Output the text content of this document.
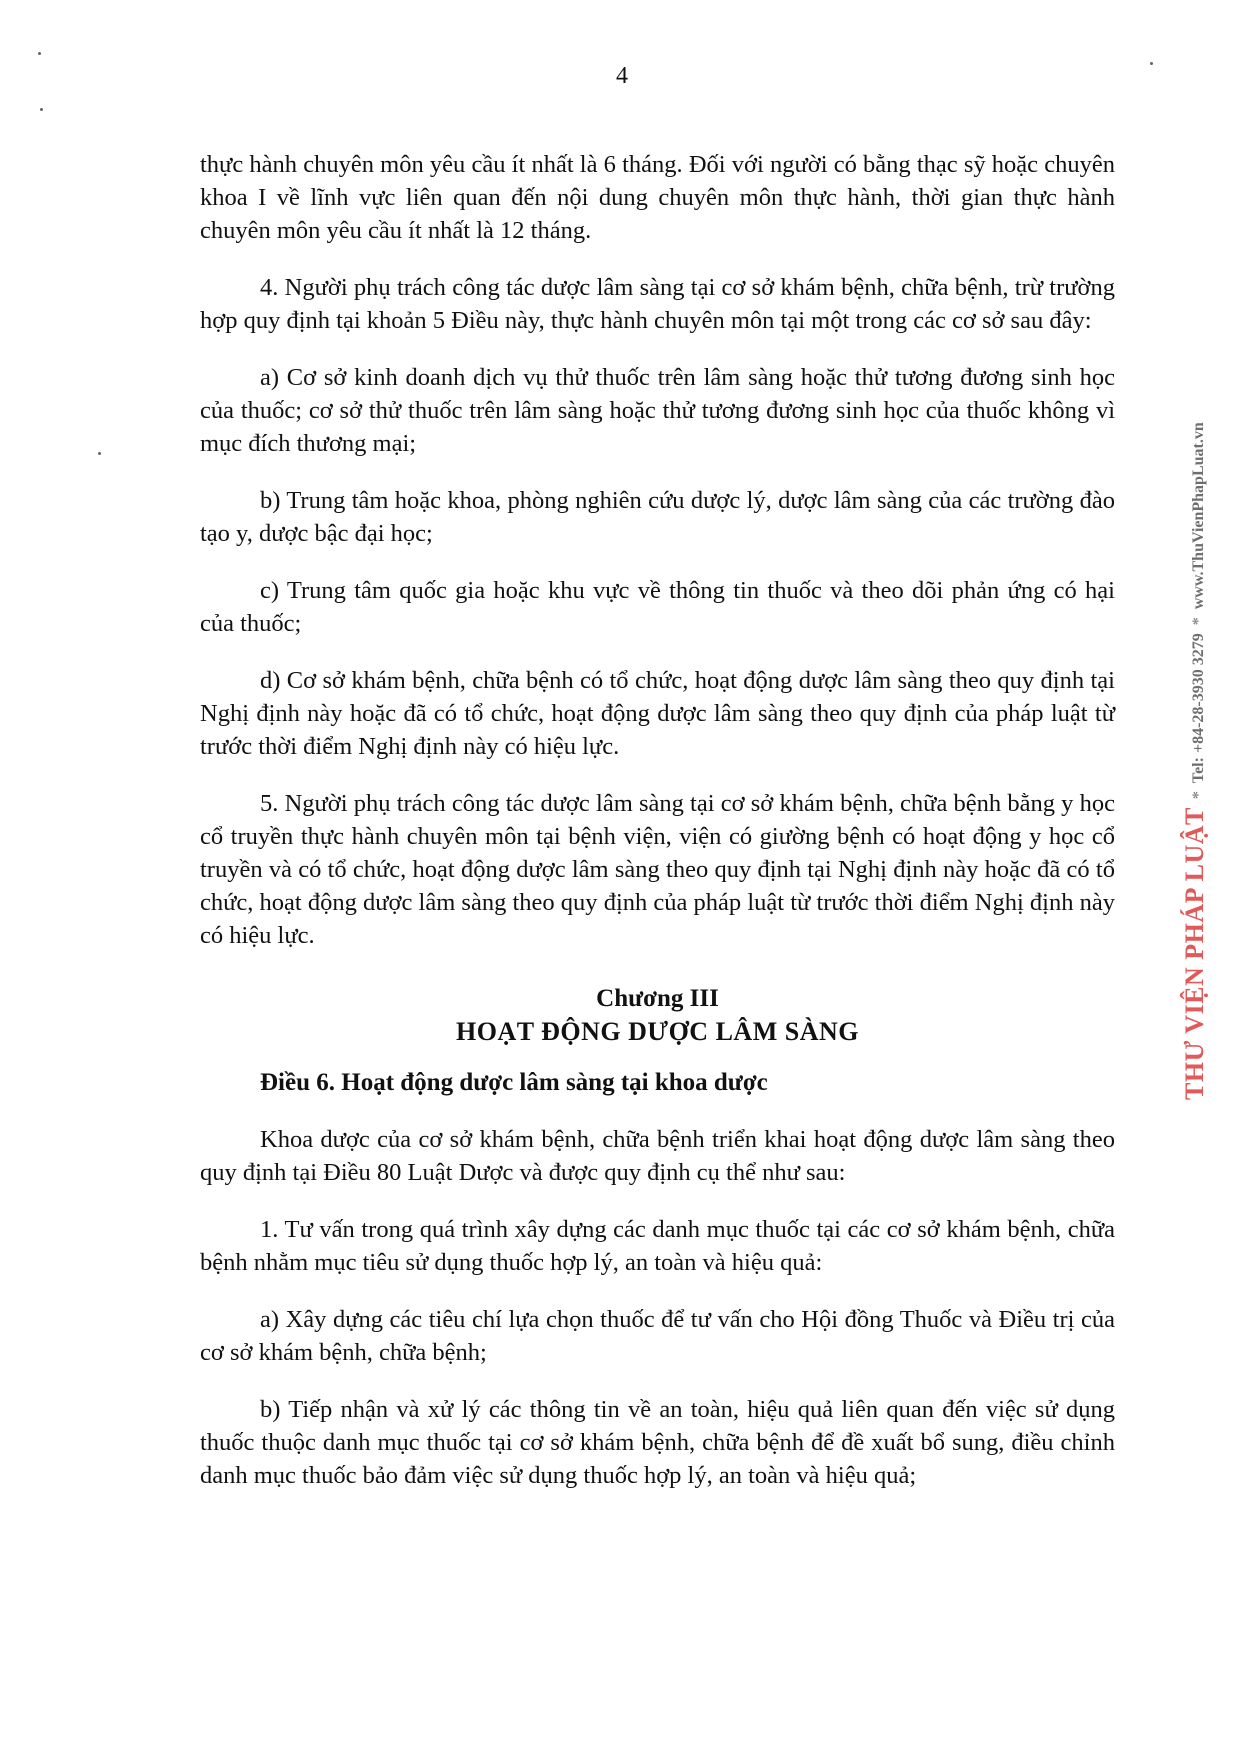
4

thực hành chuyên môn yêu cầu ít nhất là 6 tháng. Đối với người có bằng thạc sỹ hoặc chuyên khoa I về lĩnh vực liên quan đến nội dung chuyên môn thực hành, thời gian thực hành chuyên môn yêu cầu ít nhất là 12 tháng.

4. Người phụ trách công tác dược lâm sàng tại cơ sở khám bệnh, chữa bệnh, trừ trường hợp quy định tại khoản 5 Điều này, thực hành chuyên môn tại một trong các cơ sở sau đây:

a) Cơ sở kinh doanh dịch vụ thử thuốc trên lâm sàng hoặc thử tương đương sinh học của thuốc; cơ sở thử thuốc trên lâm sàng hoặc thử tương đương sinh học của thuốc không vì mục đích thương mại;

b) Trung tâm hoặc khoa, phòng nghiên cứu dược lý, dược lâm sàng của các trường đào tạo y, dược bậc đại học;

c) Trung tâm quốc gia hoặc khu vực về thông tin thuốc và theo dõi phản ứng có hại của thuốc;

d) Cơ sở khám bệnh, chữa bệnh có tổ chức, hoạt động dược lâm sàng theo quy định tại Nghị định này hoặc đã có tổ chức, hoạt động dược lâm sàng theo quy định của pháp luật từ trước thời điểm Nghị định này có hiệu lực.

5. Người phụ trách công tác dược lâm sàng tại cơ sở khám bệnh, chữa bệnh bằng y học cổ truyền thực hành chuyên môn tại bệnh viện, viện có giường bệnh có hoạt động y học cổ truyền và có tổ chức, hoạt động dược lâm sàng theo quy định tại Nghị định này hoặc đã có tổ chức, hoạt động dược lâm sàng theo quy định của pháp luật từ trước thời điểm Nghị định này có hiệu lực.

Chương III
HOẠT ĐỘNG DƯỢC LÂM SÀNG
Điều 6. Hoạt động dược lâm sàng tại khoa dược

Khoa dược của cơ sở khám bệnh, chữa bệnh triển khai hoạt động dược lâm sàng theo quy định tại Điều 80 Luật Dược và được quy định cụ thể như sau:

1. Tư vấn trong quá trình xây dựng các danh mục thuốc tại các cơ sở khám bệnh, chữa bệnh nhằm mục tiêu sử dụng thuốc hợp lý, an toàn và hiệu quả:

a) Xây dựng các tiêu chí lựa chọn thuốc để tư vấn cho Hội đồng Thuốc và Điều trị của cơ sở khám bệnh, chữa bệnh;

b) Tiếp nhận và xử lý các thông tin về an toàn, hiệu quả liên quan đến việc sử dụng thuốc thuộc danh mục thuốc tại cơ sở khám bệnh, chữa bệnh để đề xuất bổ sung, điều chỉnh danh mục thuốc bảo đảm việc sử dụng thuốc hợp lý, an toàn và hiệu quả;

THƯ VIỆN PHÁP LUẬT
*
Tel: +84-28-3930 3279
*
www.ThuVienPhapLuat.vn
